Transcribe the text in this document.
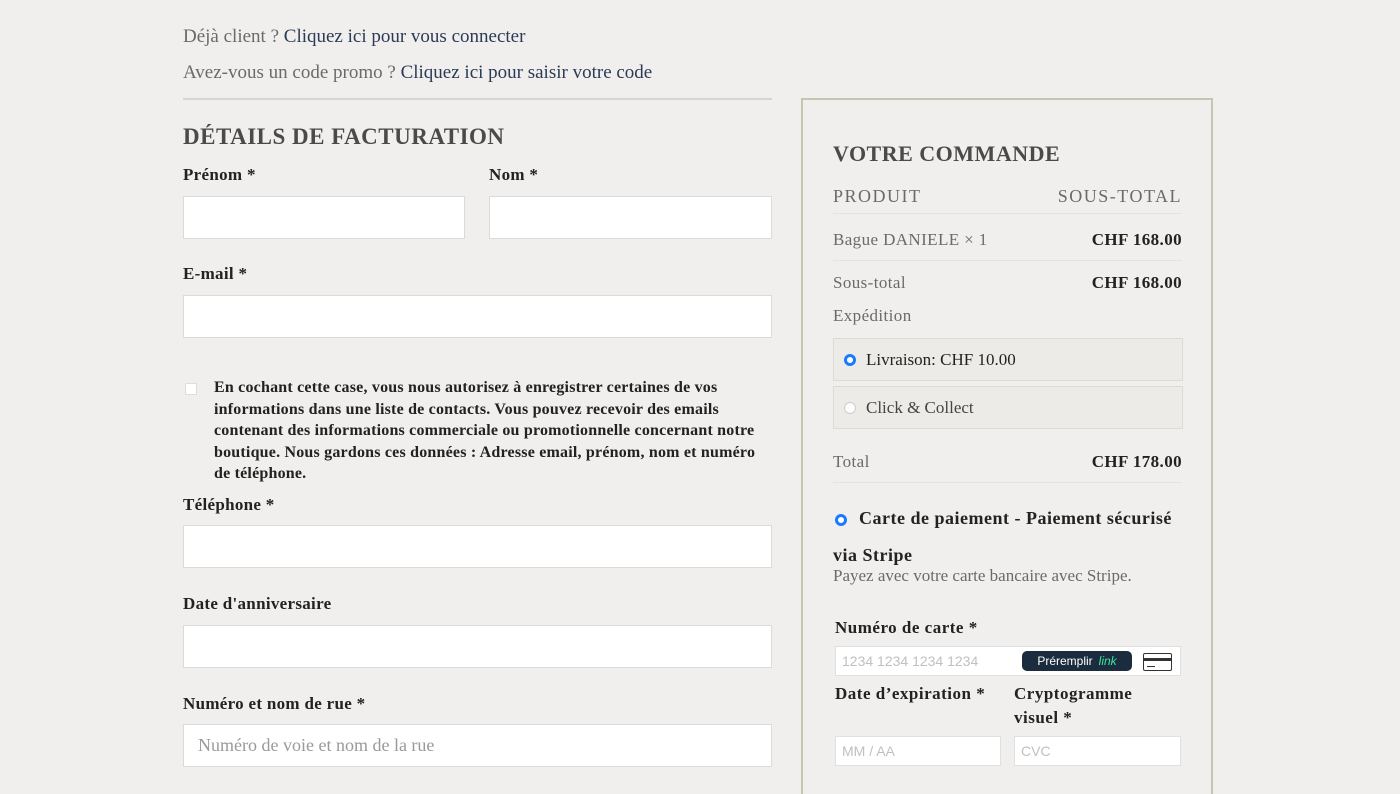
Déjà client ? Cliquez ici pour vous connecter
Avez-vous un code promo ? Cliquez ici pour saisir votre code
DÉTAILS DE FACTURATION
Prénom *	Nom *
E-mail *
En cochant cette case, vous nous autorisez à enregistrer certaines de vos informations dans une liste de contacts. Vous pouvez recevoir des emails contenant des informations commerciale ou promotionnelle concernant notre boutique. Nous gardons ces données : Adresse email, prénom, nom et numéro de téléphone.
Téléphone *
Date d'anniversaire
Numéro et nom de rue *
Numéro de voie et nom de la rue
VOTRE COMMANDE
PRODUIT	SOUS-TOTAL
Bague DANIELE × 1	CHF 168.00
Sous-total	CHF 168.00
Expédition
Livraison: CHF 10.00
Click & Collect
Total	CHF 178.00
Carte de paiement - Paiement sécurisé via Stripe
Payez avec votre carte bancaire avec Stripe.
Numéro de carte *
1234 1234 1234 1234	Préremplir link
Date d’expiration *	Cryptogramme visuel *
MM / AA	CVC
